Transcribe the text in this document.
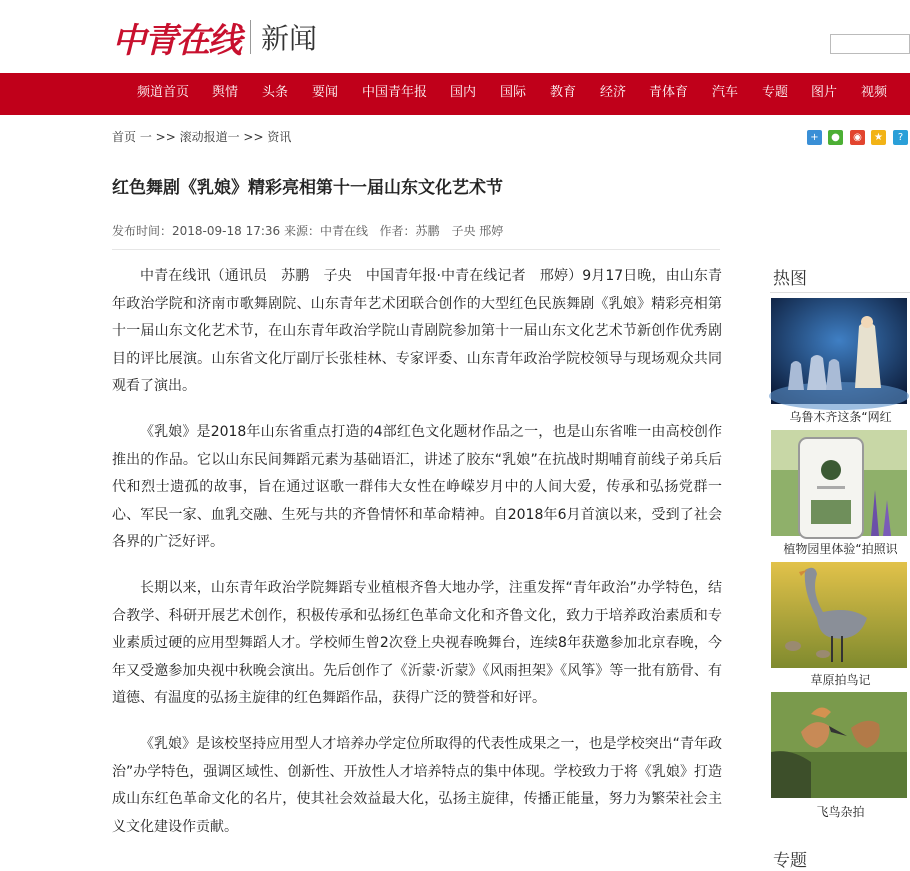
中青在线 新闻
频道首页 舆情 头条 要闻 中国青年报 国内 国际 教育 经济 青体育 汽车 专题 图片 视频
首页 一 >> 滚动报道一 >> 资讯	+	●	◉	★	?
红色舞剧《乳娘》精彩亮相第十一届山东文化艺术节
发布时间：2018-09-18 17:36 来源：中青在线 作者：苏鹏　子央 邢婷

中青在线讯（通讯员　苏鹏　子央　中国青年报·中青在线记者　邢婷）9月17日晚，由山东青年政治学院和济南市歌舞剧院、山东青年艺术团联合创作的大型红色民族舞剧《乳娘》精彩亮相第十一届山东文化艺术节，在山东青年政治学院山青剧院参加第十一届山东文化艺术节新创作优秀剧目的评比展演。山东省文化厅副厅长张桂林、专家评委、山东青年政治学院校领导与现场观众共同观看了演出。

《乳娘》是2018年山东省重点打造的4部红色文化题材作品之一，也是山东省唯一由高校创作推出的作品。它以山东民间舞蹈元素为基础语汇，讲述了胶东“乳娘”在抗战时期哺育前线子弟兵后代和烈士遗孤的故事，旨在通过讴歌一群伟大女性在峥嵘岁月中的人间大爱，传承和弘扬党群一心、军民一家、血乳交融、生死与共的齐鲁情怀和革命精神。自2018年6月首演以来，受到了社会各界的广泛好评。

长期以来，山东青年政治学院舞蹈专业植根齐鲁大地办学，注重发挥“青年政治”办学特色，结合教学、科研开展艺术创作，积极传承和弘扬红色革命文化和齐鲁文化，致力于培养政治素质和专业素质过硬的应用型舞蹈人才。学校师生曾2次登上央视春晚舞台，连续8年获邀参加北京春晚，今年又受邀参加央视中秋晚会演出。先后创作了《沂蒙·沂蒙》《风雨担架》《风筝》等一批有筋骨、有道德、有温度的弘扬主旋律的红色舞蹈作品，获得广泛的赞誉和好评。

《乳娘》是该校坚持应用型人才培养办学定位所取得的代表性成果之一，也是学校突出“青年政治”办学特色，强调区域性、创新性、开放性人才培养特点的集中体现。学校致力于将《乳娘》打造成山东红色革命文化的名片，使其社会效益最大化，弘扬主旋律，传播正能量，努力为繁荣社会主义文化建设作贡献。

热图
乌鲁木齐这条“网红
植物园里体验“拍照识
草原拍鸟记
飞鸟杂拍
专题
